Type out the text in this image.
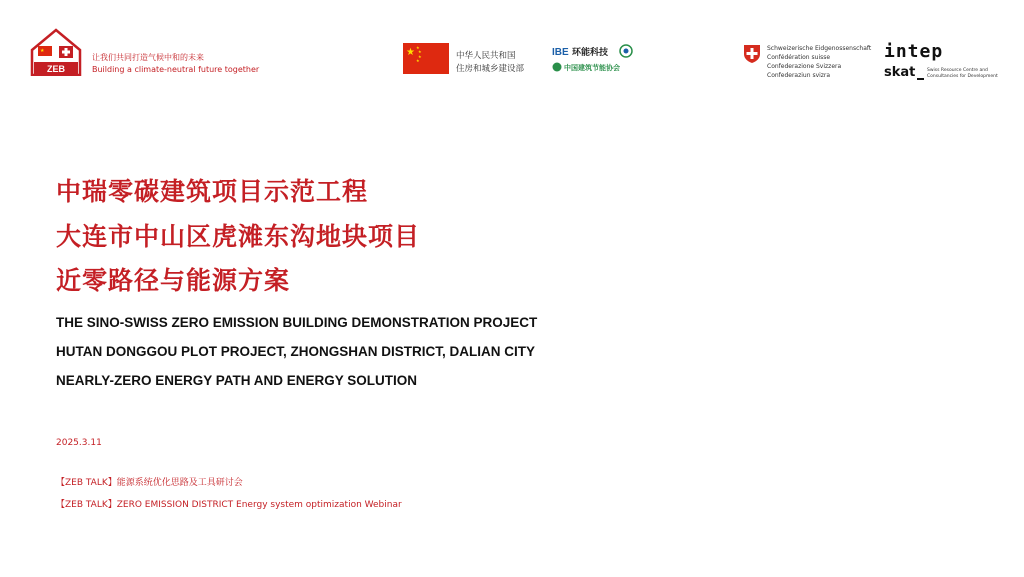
★
ZEB
让我们共同打造气候中和的未来
Building a climate-neutral future together
★ ★
★
★
★	中华人民共和国
住房和城乡建设部
IBE 环能科技
中国建筑节能协会
Schweizerische Eidgenossenschaft
Confédération suisse
Confederazione Svizzera
Confederaziun svizra
intep
skat	Swiss Resource Centre and
Consultancies for Development
中瑞零碳建筑项目示范工程
大连市中山区虎滩东沟地块项目
近零路径与能源方案
THE SINO-SWISS ZERO EMISSION BUILDING DEMONSTRATION PROJECT
HUTAN DONGGOU PLOT PROJECT, ZHONGSHAN DISTRICT, DALIAN CITY
NEARLY-ZERO ENERGY PATH AND ENERGY SOLUTION
2025.3.11
【ZEB TALK】能源系统优化思路及工具研讨会
【ZEB TALK】ZERO EMISSION DISTRICT Energy system optimization Webinar
